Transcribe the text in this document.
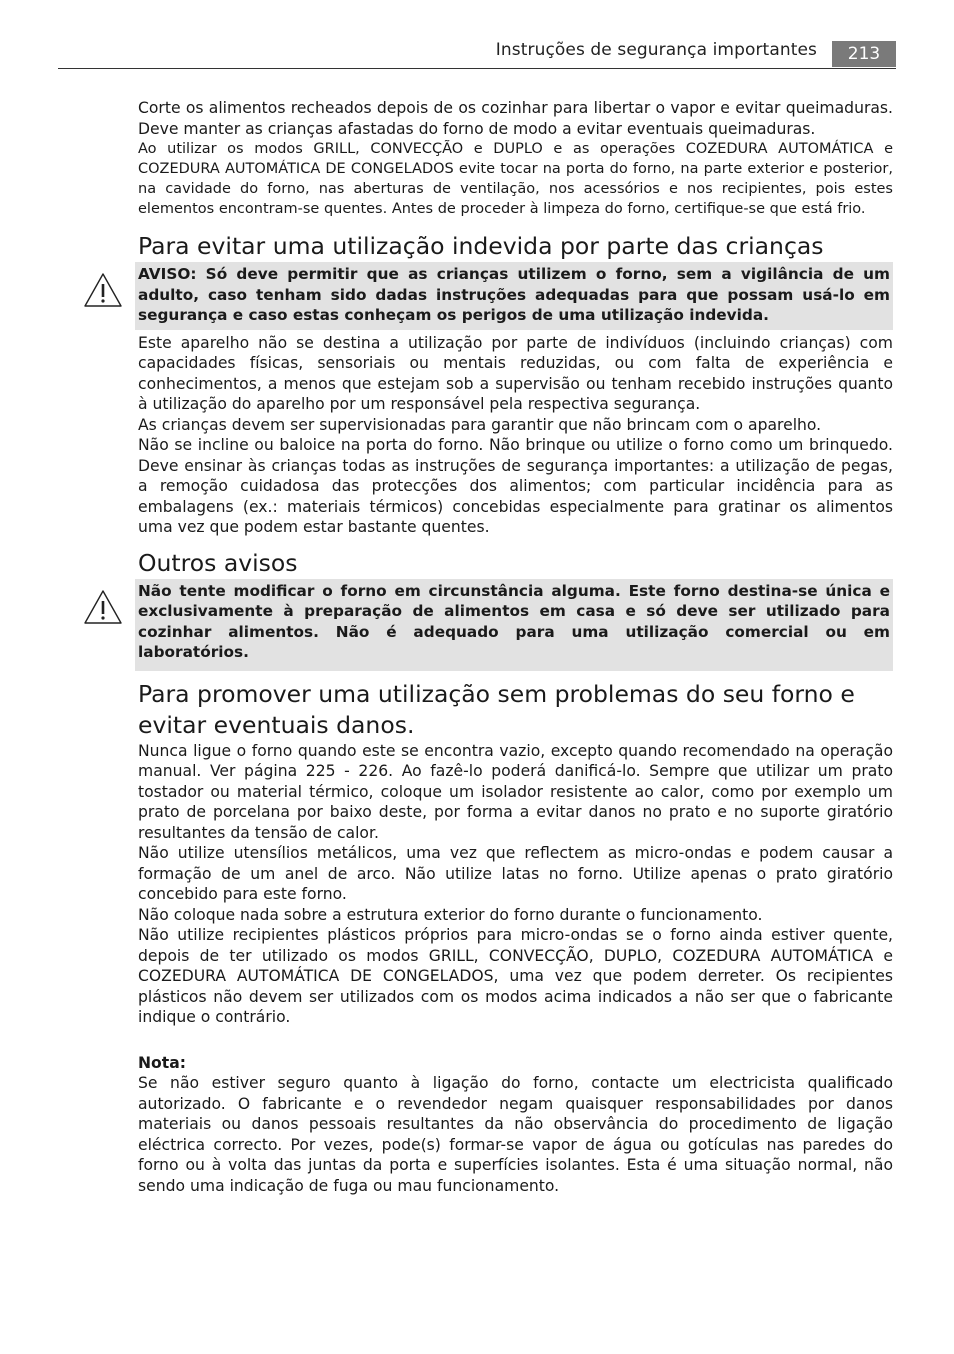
Instruções de segurança importantes	213

Corte os alimentos recheados depois de os cozinhar para libertar o vapor e evitar queimaduras. Deve manter as crianças afastadas do forno de modo a evitar eventuais queimaduras.

Ao utilizar os modos GRILL, CONVECÇÃO e DUPLO e as operações COZEDURA AUTOMÁTICA e COZEDURA AUTOMÁTICA DE CONGELADOS evite tocar na porta do forno, na parte exterior e posterior, na cavidade do forno, nas aberturas de ventilação, nos acessórios e nos recipientes, pois estes elementos encontram-se quentes. Antes de proceder à limpeza do forno, certifique-se que está frio.

Para evitar uma utilização indevida por parte das crianças

AVISO: Só deve permitir que as crianças utilizem o forno, sem a vigilância de um adulto, caso tenham sido dadas instruções adequadas para que possam usá-lo em segurança e caso estas conheçam os perigos de uma utilização indevida.

Este aparelho não se destina a utilização por parte de indivíduos (incluindo crianças) com capacidades físicas, sensoriais ou mentais reduzidas, ou com falta de experiência e conhecimentos, a menos que estejam sob a supervisão ou tenham recebido instruções quanto à utilização do aparelho por um responsável pela respectiva segurança.

As crianças devem ser supervisionadas para garantir que não brincam com o aparelho.

Não se incline ou baloice na porta do forno. Não brinque ou utilize o forno como um brinquedo. Deve ensinar às crianças todas as instruções de segurança importantes: a utilização de pegas, a remoção cuidadosa das protecções dos alimentos; com particular incidência para as embalagens (ex.: materiais térmicos) concebidas especialmente para gratinar os alimentos uma vez que podem estar bastante quentes.

Outros avisos

Não tente modificar o forno em circunstância alguma. Este forno destina-se única e exclusivamente à preparação de alimentos em casa e só deve ser utilizado para cozinhar alimentos. Não é adequado para uma utilização comercial ou em laboratórios.

Para promover uma utilização sem problemas do seu forno e evitar eventuais danos.

Nunca ligue o forno quando este se encontra vazio, excepto quando recomendado na operação manual. Ver página 225 - 226. Ao fazê-lo poderá danificá-lo. Sempre que utilizar um prato tostador ou material térmico, coloque um isolador resistente ao calor, como por exemplo um prato de porcelana por baixo deste, por forma a evitar danos no prato e no suporte giratório resultantes da tensão de calor.

Não utilize utensílios metálicos, uma vez que reflectem as micro-ondas e podem causar a formação de um anel de arco. Não utilize latas no forno. Utilize apenas o prato giratório concebido para este forno.

Não coloque nada sobre a estrutura exterior do forno durante o funcionamento.

Não utilize recipientes plásticos próprios para micro-ondas se o forno ainda estiver quente, depois de ter utilizado os modos GRILL, CONVECÇÃO, DUPLO, COZEDURA AUTOMÁTICA e COZEDURA AUTOMÁTICA DE CONGELADOS, uma vez que podem derreter. Os recipientes plásticos não devem ser utilizados com os modos acima indicados a não ser que o fabricante indique o contrário.

Nota:

Se não estiver seguro quanto à ligação do forno, contacte um electricista qualificado autorizado. O fabricante e o revendedor negam quaisquer responsabilidades por danos materiais ou danos pessoais resultantes da não observância do procedimento de ligação eléctrica correcto. Por vezes, pode(s) formar-se vapor de água ou gotículas nas paredes do forno ou à volta das juntas da porta e superfícies isolantes. Esta é uma situação normal, não sendo uma indicação de fuga ou mau funcionamento.
